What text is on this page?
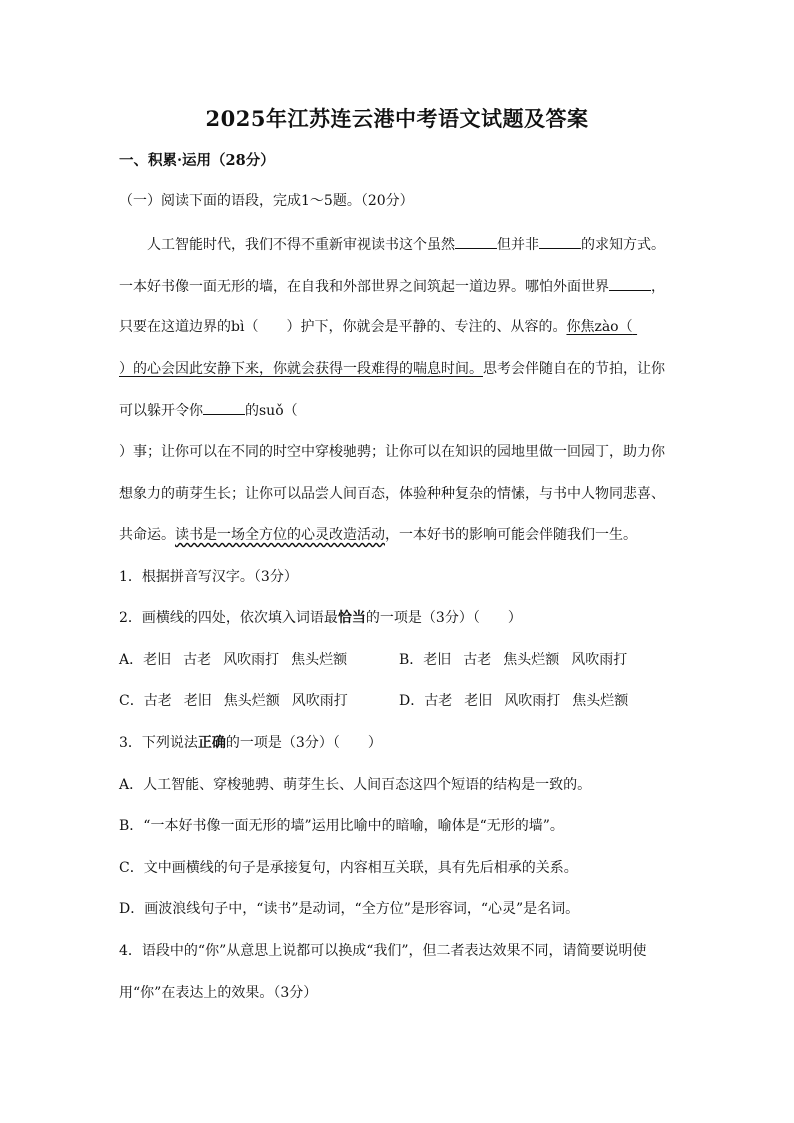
2025年江苏连云港中考语文试题及答案
一、积累·运用（28分）
（一）阅读下面的语段，完成1～5题。（20分）
人工智能时代，我们不得不重新审视读书这个虽然	但并非	的求知方式。
一本好书像一面无形的墙，在自我和外部世界之间筑起一道边界。哪怕外面世界	，
只要在这道边界的bì（　　）护下，你就会是平静的、专注的、从容的。你焦zào（
）的心会因此安静下来，你就会获得一段难得的喘息时间。思考会伴随自在的节拍，让你
可以躲开令你	的suǒ（
）事；让你可以在不同的时空中穿梭驰骋；让你可以在知识的园地里做一回园丁，助力你
想象力的萌芽生长；让你可以品尝人间百态，体验种种复杂的情愫，与书中人物同悲喜、
共命运。读书是一场全方位的心灵改造活动，一本好书的影响可能会伴随我们一生。
1．根据拼音写汉字。（3分）
2．画横线的四处，依次填入词语最恰当的一项是（3分）（　　）
A．老旧 古老 风吹雨打 焦头烂额	B．老旧 古老 焦头烂额 风吹雨打
C．古老 老旧 焦头烂额 风吹雨打	D．古老 老旧 风吹雨打 焦头烂额
3．下列说法正确的一项是（3分）（　　）
A．人工智能、穿梭驰骋、萌芽生长、人间百态这四个短语的结构是一致的。
B．“一本好书像一面无形的墙”运用比喻中的暗喻，喻体是“无形的墙”。
C．文中画横线的句子是承接复句，内容相互关联，具有先后相承的关系。
D．画波浪线句子中，“读书”是动词，“全方位”是形容词，“心灵”是名词。
4．语段中的“你”从意思上说都可以换成“我们”，但二者表达效果不同，请简要说明使
用“你”在表达上的效果。（3分）
